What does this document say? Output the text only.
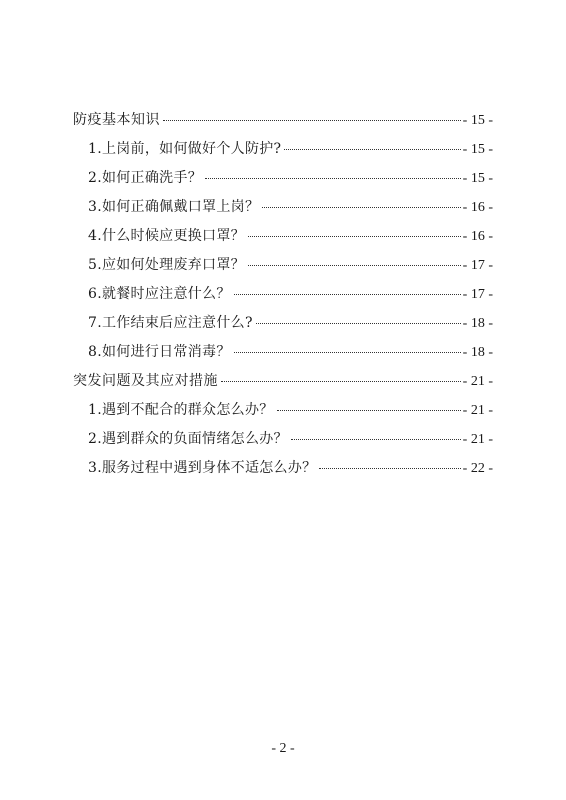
防疫基本知识	- 15 -
1.上岗前，如何做好个人防护?	- 15 -
2.如何正确洗手？	- 15 -
3.如何正确佩戴口罩上岗？	- 16 -
4.什么时候应更换口罩？	- 16 -
5.应如何处理废弃口罩？	- 17 -
6.就餐时应注意什么？	- 17 -
7.工作结束后应注意什么?	- 18 -
8.如何进行日常消毒？	- 18 -
突发问题及其应对措施	- 21 -
1.遇到不配合的群众怎么办？	- 21 -
2.遇到群众的负面情绪怎么办？	- 21 -
3.服务过程中遇到身体不适怎么办？	- 22 -
- 2 -
